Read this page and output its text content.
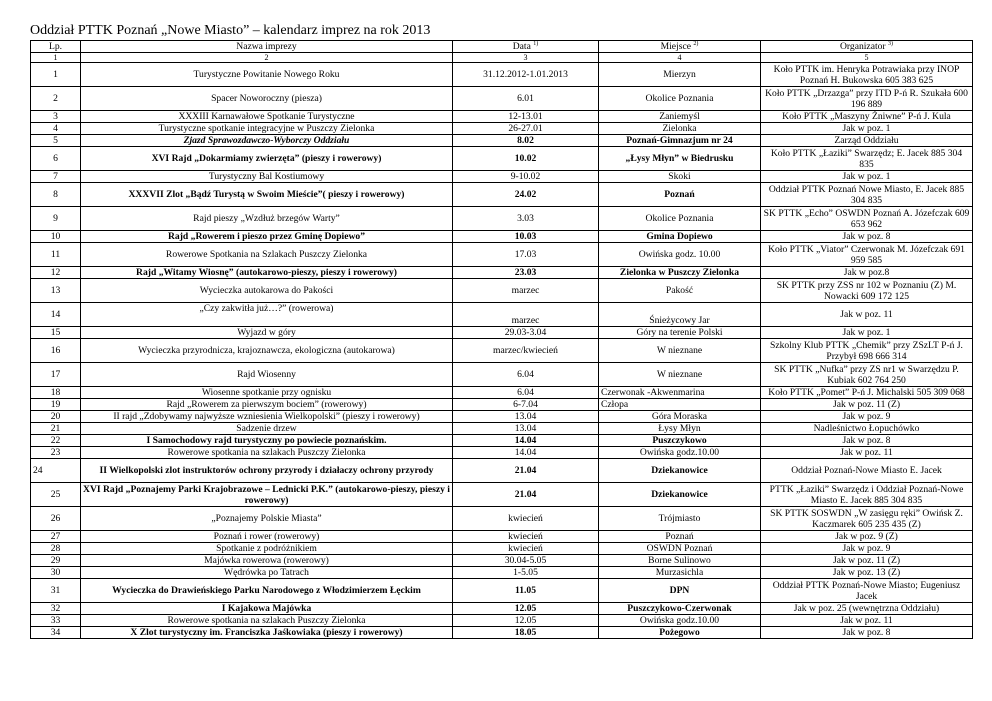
Oddział PTTK Poznań „Nowe Miasto” – kalendarz imprez na rok 2013
Lp.	Nazwa imprezy	Data $^{1)}$	Miejsce $^{2)}$	Organizator $^{3)}$
1	2	3	4	5
1	Turystyczne Powitanie Nowego Roku	31.12.2012-1.01.2013	Mierzyn	Koło PTTK im. Henryka Potrawiaka przy INOP Poznań H. Bukowska 605 383 625
2	Spacer Noworoczny (piesza)	6.01	Okolice Poznania	Koło PTTK „Drzazga” przy ITD P-ń R. Szukała 600 196 889
3	XXXIII Karnawałowe Spotkanie Turystyczne	12-13.01	Zaniemyśl	Koło PTTK „Maszyny Żniwne” P-ń J. Kula
4	Turystyczne spotkanie integracyjne w Puszczy Zielonka	26-27.01	Zielonka	Jak w poz. 1
5	Zjazd Sprawozdawczo-Wyborczy Oddziału	8.02	Poznań-Gimnazjum nr 24	Zarząd Oddziału
6	XVI Rajd „Dokarmiamy zwierzęta” (pieszy i rowerowy)	10.02	„Łysy Młyn” w Biedrusku	Koło PTTK „Łaziki” Swarzędz; E. Jacek 885 304 835
7	Turystyczny Bal Kostiumowy	9-10.02	Skoki	Jak w poz. 1
8	XXXVII Zlot „Bądź Turystą w Swoim Mieście”( pieszy i rowerowy)	24.02	Poznań	Oddział PTTK Poznań Nowe Miasto, E. Jacek 885 304 835
9	Rajd pieszy „Wzdłuż brzegów Warty”	3.03	Okolice Poznania	SK PTTK „Echo” OSWDN Poznań A. Józefczak 609 653 962
10	Rajd „Rowerem i pieszo przez Gminę Dopiewo”	10.03	Gmina Dopiewo	Jak w poz. 8
11	Rowerowe Spotkania na Szlakach Puszczy Zielonka	17.03	Owińska godz. 10.00	Koło PTTK „Viator” Czerwonak M. Józefczak 691 959 585
12	Rajd „Witamy Wiosnę” (autokarowo-pieszy, pieszy i rowerowy)	23.03	Zielonka w Puszczy Zielonka	Jak w poz.8
13	Wycieczka autokarowa do Pakości	marzec	Pakość	SK PTTK przy ZSS nr 102 w Poznaniu (Z) M. Nowacki 609 172 125
14	„Czy zakwitła już…?” (rowerowa)	marzec	Śnieżycowy Jar	Jak w poz. 11
15	Wyjazd w góry	29.03-3.04	Góry na terenie Polski	Jak w poz. 1
16	Wycieczka przyrodnicza, krajoznawcza, ekologiczna (autokarowa)	marzec/kwiecień	W nieznane	Szkolny Klub PTTK „Chemik” przy ZSzLT P-ń J. Przybył 698 666 314
17	Rajd Wiosenny	6.04	W nieznane	SK PTTK „Nufka” przy ZS nr1 w Swarzędzu P. Kubiak 602 764 250
18	Wiosenne spotkanie przy ognisku	6.04	Czerwonak -Akwenmarina	Koło PTTK „Pomet” P-ń J. Michalski 505 309 068
19	Rajd „Rowerem za pierwszym bociem” (rowerowy)	6-7.04	Człopa	Jak w poz. 11 (Z)
20	II rajd „Zdobywamy najwyższe wzniesienia Wielkopolski” (pieszy i rowerowy)	13.04	Góra Moraska	Jak w poz. 9
21	Sadzenie drzew	13.04	Łysy Młyn	Nadleśnictwo Łopuchówko
22	I Samochodowy rajd turystyczny po powiecie poznańskim.	14.04	Puszczykowo	Jak w poz. 8
23	Rowerowe spotkania na szlakach Puszczy Zielonka	14.04	Owińska godz.10.00	Jak w poz. 11
24	II Wielkopolski zlot instruktorów ochrony przyrody i działaczy ochrony przyrody	21.04	Dziekanowice	Oddział Poznań-Nowe Miasto E. Jacek
25	XVI Rajd „Poznajemy Parki Krajobrazowe – Lednicki P.K.” (autokarowo-pieszy, pieszy i rowerowy)	21.04	Dziekanowice	PTTK „Łaziki” Swarzędz i Oddział Poznań-Nowe Miasto E. Jacek 885 304 835
26	„Poznajemy Polskie Miasta”	kwiecień	Trójmiasto	SK PTTK SOSWDN „W zasięgu ręki” Owińsk Z. Kaczmarek 605 235 435 (Z)
27	Poznań i rower (rowerowy)	kwiecień	Poznań	Jak w poz. 9 (Z)
28	Spotkanie z podróżnikiem	kwiecień	OSWDN Poznań	Jak w poz. 9
29	Majówka rowerowa (rowerowy)	30.04-5.05	Borne Sulinowo	Jak w poz. 11 (Z)
30	Wędrówka po Tatrach	1-5.05	Murzasichla	Jak w poz. 13 (Z)
31	Wycieczka do Drawieńskiego Parku Narodowego z Włodzimierzem Łęckim	11.05	DPN	Oddział PTTK Poznań-Nowe Miasto; Eugeniusz Jacek
32	I Kajakowa Majówka	12.05	Puszczykowo-Czerwonak	Jak w poz. 25 (wewnętrzna Oddziału)
33	Rowerowe spotkania na szlakach Puszczy Zielonka	12.05	Owińska godz.10.00	Jak w poz. 11
34	X Zlot turystyczny im. Franciszka Jaśkowiaka (pieszy i rowerowy)	18.05	Pożegowo	Jak w poz. 8
